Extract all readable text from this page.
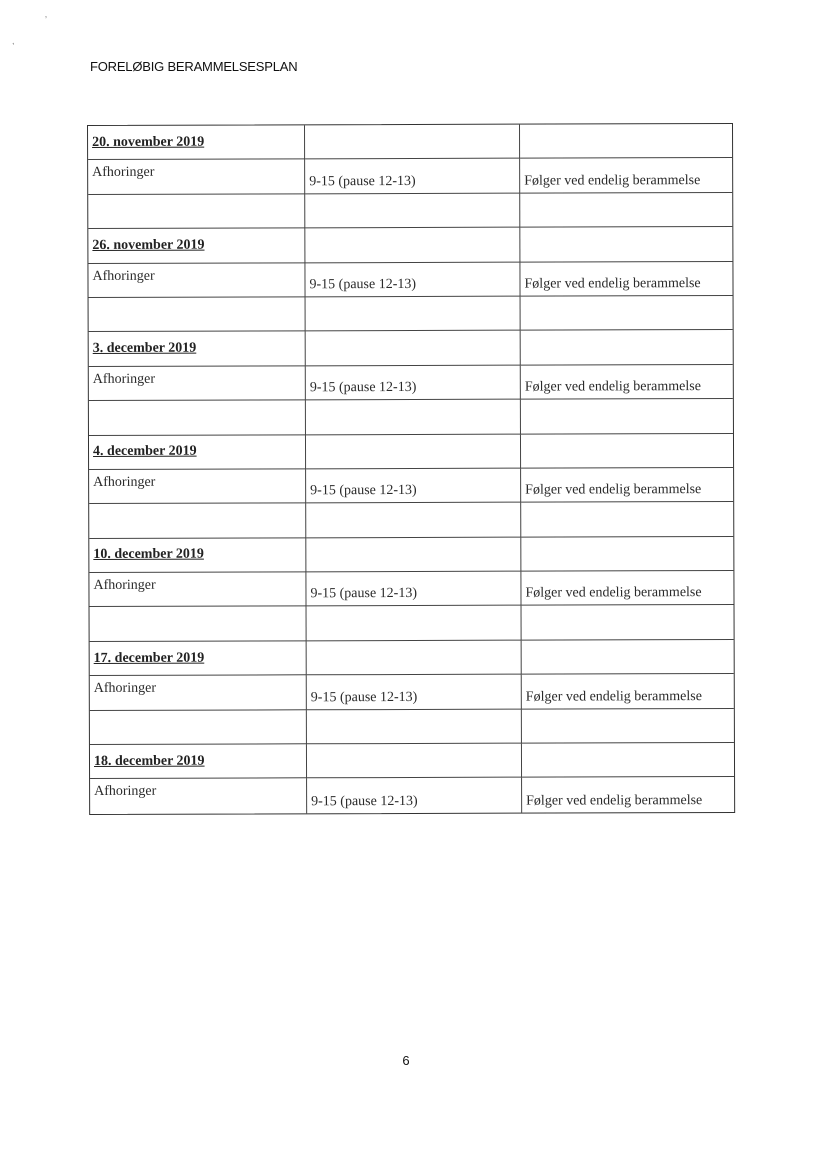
ʼ
ʼ
FORELØBIG BERAMMELSESPLAN
20. november 2019		
Afhoringer	9-15 (pause 12-13)	Følger ved endelig berammelse

26. november 2019		
Afhoringer	9-15 (pause 12-13)	Følger ved endelig berammelse

3. december 2019		
Afhoringer	9-15 (pause 12-13)	Følger ved endelig berammelse

4. december 2019		
Afhoringer	9-15 (pause 12-13)	Følger ved endelig berammelse

10. december 2019		
Afhoringer	9-15 (pause 12-13)	Følger ved endelig berammelse

17. december 2019		
Afhoringer	9-15 (pause 12-13)	Følger ved endelig berammelse

18. december 2019		
Afhoringer	9-15 (pause 12-13)	Følger ved endelig berammelse
6
